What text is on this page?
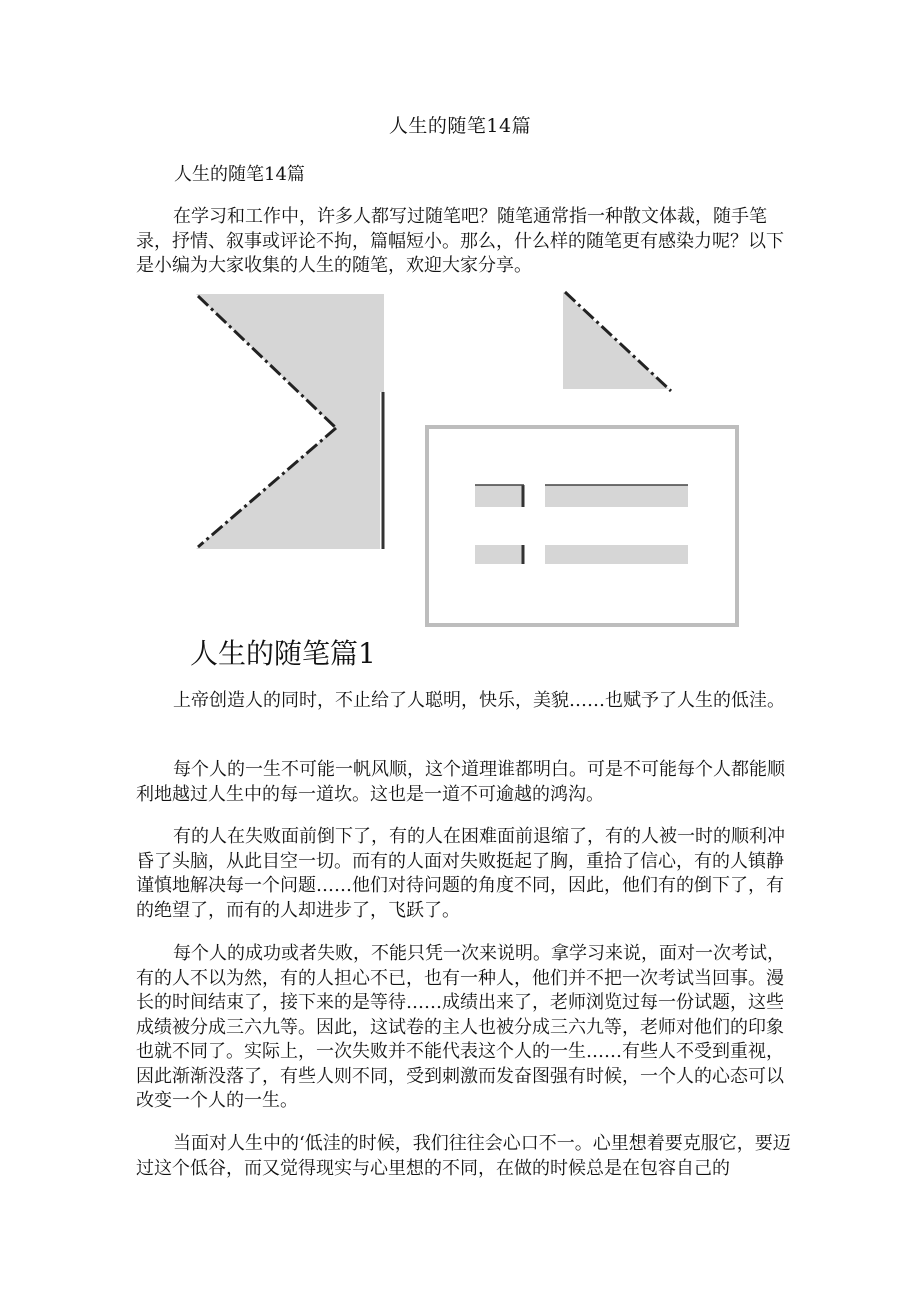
人生的随笔14篇
人生的随笔14篇

在学习和工作中，许多人都写过随笔吧？随笔通常指一种散文体裁，随手笔录，抒情、叙事或评论不拘，篇幅短小。那么，什么样的随笔更有感染力呢？以下是小编为大家收集的人生的随笔，欢迎大家分享。

人生的随笔篇1

上帝创造人的同时，不止给了人聪明，快乐，美貌……也赋予了人生的低洼。

每个人的一生不可能一帆风顺，这个道理谁都明白。可是不可能每个人都能顺利地越过人生中的每一道坎。这也是一道不可逾越的鸿沟。

有的人在失败面前倒下了，有的人在困难面前退缩了，有的人被一时的顺利冲昏了头脑，从此目空一切。而有的人面对失败挺起了胸，重拾了信心，有的人镇静谨慎地解决每一个问题……他们对待问题的角度不同，因此，他们有的倒下了，有的绝望了，而有的人却进步了，飞跃了。

每个人的成功或者失败，不能只凭一次来说明。拿学习来说，面对一次考试，有的人不以为然，有的人担心不已，也有一种人，他们并不把一次考试当回事。漫长的时间结束了，接下来的是等待……成绩出来了，老师浏览过每一份试题，这些成绩被分成三六九等。因此，这试卷的主人也被分成三六九等，老师对他们的印象也就不同了。实际上，一次失败并不能代表这个人的一生……有些人不受到重视，因此渐渐没落了，有些人则不同，受到刺激而发奋图强有时候，一个人的心态可以改变一个人的一生。

当面对人生中的‘低洼的时候，我们往往会心口不一。心里想着要克服它，要迈过这个低谷，而又觉得现实与心里想的不同，在做的时候总是在包容自己的
